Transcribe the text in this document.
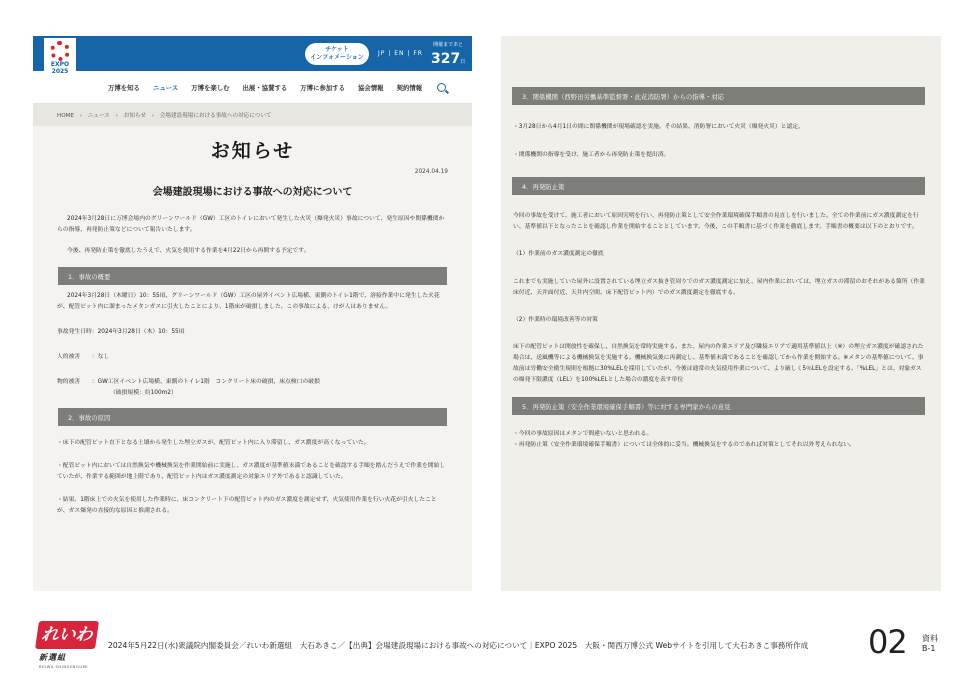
EXPO
2025
チケット
インフォメーション
JP | EN | FR
開催まであと
327日
万博を知る ニュース 万博を楽しむ 出展・協賛する 万博に参加する 協会情報 契約情報
HOME › ニュース › お知らせ › 会場建設現場における事故への対応について
お知らせ
2024.04.19
会場建設現場における事故への対応について

2024年3月28日に万博会場内のグリーンワールド（GW）工区のトイレにおいて発生した火災（爆発火災）事故について、発生原因や関係機関からの指導、再発防止策などについて報告いたします。

今後、再発防止策を徹底したうえで、火気を使用する作業を4月22日から再開する予定です。

1．事故の概要

2024年3月28日（木曜日）10：55頃、グリーンワールド（GW）工区の屋外イベント広場横、東側のトイレ1階で、溶接作業中に発生した火花が、配管ピット内に溜まったメタンガスに引火したことにより、1階床が破損しました。この事故による、けが人はありません。

事故発生日時：2024年3月28日（木）10：55頃

人的被害　　：なし

物的被害　　：GW工区イベント広場横、東側のトイレ1階　コンクリート床の破損、床点検口の破損

（破損規模：約100m2）

2．事故の原因

・床下の配管ピット直下となる土壌から発生した埋立ガスが、配管ピット内に入り滞留し、ガス濃度が高くなっていた。

・配管ピット内においては自然換気や機械換気を作業開始前に実施し、ガス濃度が基準値未満であることを確認する手順を踏んだうえで作業を開始していたが、作業する範囲が地上階であり、配管ピット内はガス濃度測定の対象エリア外であると認識していた。

・結果、1階床上での火気を使用した作業時に、床コンクリート下の配管ピット内のガス濃度を測定せず、火気使用作業を行い火花が引火したことが、ガス爆発の直接的な原因と推測される。

3．関係機関（西野田労働基準監督署・此花消防署）からの指導・対応

・3月28日から4月1日の間に関係機関が現場確認を実施。その結果、消防署において火災（爆発火災）と認定。

・関係機関の指導を受け、施工者から再発防止策を提出済。

4．再発防止策

今回の事故を受けて、施工者において原因究明を行い、再発防止策として安全作業環境確保手順書の見直しを行いました。全ての作業前にガス濃度測定を行い、基準値以下となったことを確認し作業を開始することとしています。今後、この手順書に基づく作業を徹底します。手順書の概要は以下のとおりです。

（1）作業前のガス濃度測定の徹底

これまでも実施していた屋外に設置されている埋立ガス抜き管周りでのガス濃度測定に加え、屋内作業においては、埋立ガスの滞留のおそれがある箇所（作業床付近、天井面付近、天井内空間、床下配管ピット内）でのガス濃度測定を徹底する。

（2）作業時の環境改善等の対策

床下の配管ピットは開放性を確保し、自然換気を常時実施する。また、屋内の作業エリア及び隣接エリアで適用基準値以上（※）の埋立ガス濃度が確認された場合は、送風機等による機械換気を実施する。機械換気後に再測定し、基準値未満であることを確認してから作業を開始する。※メタンの基準値について、事故前は労働安全衛生規則を根拠に30%LELを採用していたが、今後は通常の火気使用作業について、より厳しく5％LELを設定する。「%LEL」とは、対象ガスの爆発下限濃度（LEL）を100%LELとした場合の濃度を表す単位

5．再発防止策（安全作業環境確保手順書）等に対する専門家からの意見

・今回の事故原因はメタンで間違いないと思われる。

・再発防止策（安全作業環境確保手順書）については全体的に妥当。機械換気をするのであれば対策としてそれ以外考えられない。

れいわ
新選組
REIWA SHINSENGUMI
2024年5月22日(水)衆議院内閣委員会／れいわ新選組　大石あきこ／【出典】会場建設現場における事故への対応について｜EXPO 2025　大阪・関西万博公式 Webサイトを引用して大石あきこ事務所作成 02 資料
B-1
